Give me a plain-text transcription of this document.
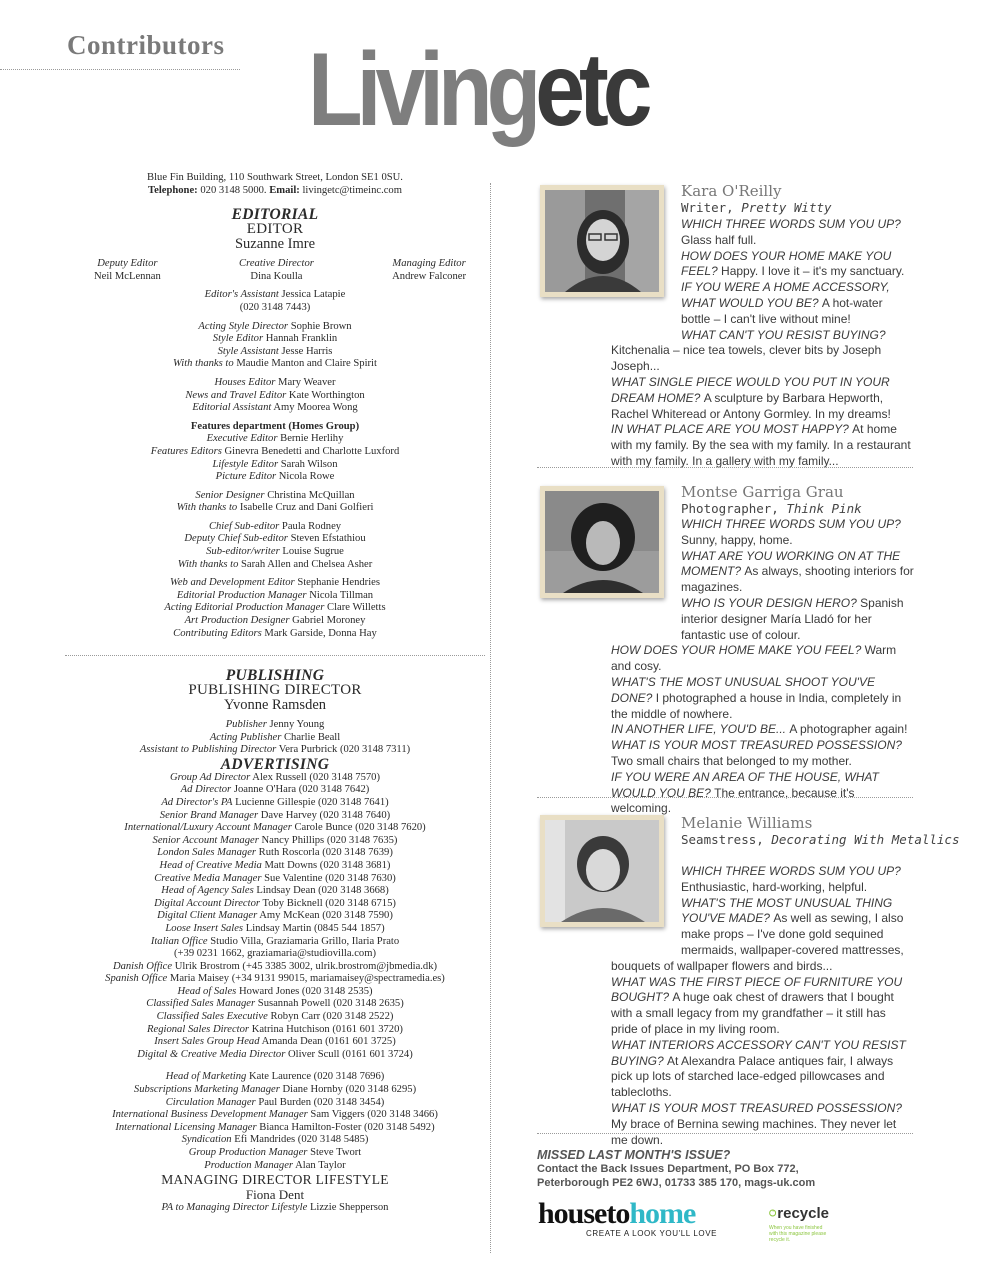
Contributors Livingetc
Blue Fin Building, 110 Southwark Street, London SE1 0SU.
Telephone: 020 3148 5000. Email: livingetc@timeinc.com
EDITORIAL
EDITOR
Suzanne Imre
Deputy Editor
Neil McLennan
Creative Director
Dina Koulla
Managing Editor
Andrew Falconer
Editor's Assistant Jessica Latapie
(020 3148 7443)
Acting Style Director Sophie Brown
Style Editor Hannah Franklin
Style Assistant Jesse Harris
With thanks to Maudie Manton and Claire Spirit
Houses Editor Mary Weaver
News and Travel Editor Kate Worthington
Editorial Assistant Amy Moorea Wong
Features department (Homes Group)
Executive Editor Bernie Herlihy
Features Editors Ginevra Benedetti and Charlotte Luxford
Lifestyle Editor Sarah Wilson
Picture Editor Nicola Rowe
Senior Designer Christina McQuillan
With thanks to Isabelle Cruz and Dani Golfieri
Chief Sub-editor Paula Rodney
Deputy Chief Sub-editor Steven Efstathiou
Sub-editor/writer Louise Sugrue
With thanks to Sarah Allen and Chelsea Asher
Web and Development Editor Stephanie Hendries
Editorial Production Manager Nicola Tillman
Acting Editorial Production Manager Clare Willetts
Art Production Designer Gabriel Moroney
Contributing Editors Mark Garside, Donna Hay
PUBLISHING
PUBLISHING DIRECTOR
Yvonne Ramsden
Publisher Jenny Young
Acting Publisher Charlie Beall
Assistant to Publishing Director Vera Purbrick (020 3148 7311)
ADVERTISING
Group Ad Director Alex Russell (020 3148 7570)
Ad Director Joanne O'Hara (020 3148 7642)
Ad Director's PA Lucienne Gillespie (020 3148 7641)
Senior Brand Manager Dave Harvey (020 3148 7640)
International/Luxury Account Manager Carole Bunce (020 3148 7620)
Senior Account Manager Nancy Phillips (020 3148 7635)
London Sales Manager Ruth Roscorla (020 3148 7639)
Head of Creative Media Matt Downs (020 3148 3681)
Creative Media Manager Sue Valentine (020 3148 7630)
Head of Agency Sales Lindsay Dean (020 3148 3668)
Digital Account Director Toby Bicknell (020 3148 6715)
Digital Client Manager Amy McKean (020 3148 7590)
Loose Insert Sales Lindsay Martin (0845 544 1857)
Italian Office Studio Villa, Graziamaria Grillo, Ilaria Prato
(+39 0231 1662, graziamaria@studiovilla.com)
Danish Office Ulrik Brostrom (+45 3385 3002, ulrik.brostrom@jbmedia.dk)
Spanish Office Maria Maisey (+34 9131 99015, mariamaisey@spectramedia.es)
Head of Sales Howard Jones (020 3148 2535)
Classified Sales Manager Susannah Powell (020 3148 2635)
Classified Sales Executive Robyn Carr (020 3148 2522)
Regional Sales Director Katrina Hutchison (0161 601 3720)
Insert Sales Group Head Amanda Dean (0161 601 3725)
Digital & Creative Media Director Oliver Scull (0161 601 3724)
Head of Marketing Kate Laurence (020 3148 7696)
Subscriptions Marketing Manager Diane Hornby (020 3148 6295)
Circulation Manager Paul Burden (020 3148 3454)
International Business Development Manager Sam Viggers (020 3148 3466)
International Licensing Manager Bianca Hamilton-Foster (020 3148 5492)
Syndication Efi Mandrides (020 3148 5485)
Group Production Manager Steve Twort
Production Manager Alan Taylor
MANAGING DIRECTOR LIFESTYLE
Fiona Dent
PA to Managing Director Lifestyle Lizzie Shepperson
Kara O'Reilly
Writer, Pretty Witty
WHICH THREE WORDS SUM YOU UP? Glass half full.
HOW DOES YOUR HOME MAKE YOU FEEL? Happy. I love it – it's my sanctuary.
IF YOU WERE A HOME ACCESSORY, WHAT WOULD YOU BE? A hot-water bottle – I can't live without mine!
WHAT CAN'T YOU RESIST BUYING? Kitchenalia – nice tea towels, clever bits by Joseph Joseph...
WHAT SINGLE PIECE WOULD YOU PUT IN YOUR DREAM HOME? A sculpture by Barbara Hepworth, Rachel Whiteread or Antony Gormley. In my dreams!
IN WHAT PLACE ARE YOU MOST HAPPY? At home with my family. By the sea with my family. In a restaurant with my family. In a gallery with my family...
Montse Garriga Grau
Photographer, Think Pink
WHICH THREE WORDS SUM YOU UP? Sunny, happy, home.
WHAT ARE YOU WORKING ON AT THE MOMENT? As always, shooting interiors for magazines.
WHO IS YOUR DESIGN HERO? Spanish interior designer María Lladó for her fantastic use of colour.
HOW DOES YOUR HOME MAKE YOU FEEL? Warm and cosy.
WHAT'S THE MOST UNUSUAL SHOOT YOU'VE DONE? I photographed a house in India, completely in the middle of nowhere.
IN ANOTHER LIFE, YOU'D BE... A photographer again!
WHAT IS YOUR MOST TREASURED POSSESSION? Two small chairs that belonged to my mother.
IF YOU WERE AN AREA OF THE HOUSE, WHAT WOULD YOU BE? The entrance, because it's welcoming.
Melanie Williams
Seamstress, Decorating With Metallics
WHICH THREE WORDS SUM YOU UP? Enthusiastic, hard-working, helpful.
WHAT'S THE MOST UNUSUAL THING YOU'VE MADE? As well as sewing, I also make props – I've done gold sequined mermaids, wallpaper-covered mattresses, bouquets of wallpaper flowers and birds...
WHAT WAS THE FIRST PIECE OF FURNITURE YOU BOUGHT? A huge oak chest of drawers that I bought with a small legacy from my grandfather – it still has pride of place in my living room.
WHAT INTERIORS ACCESSORY CAN'T YOU RESIST BUYING? At Alexandra Palace antiques fair, I always pick up lots of starched lace-edged pillowcases and tablecloths.
WHAT IS YOUR MOST TREASURED POSSESSION? My brace of Bernina sewing machines. They never let me down.
MISSED LAST MONTH'S ISSUE?
Contact the Back Issues Department, PO Box 772,
Peterborough PE2 6WJ, 01733 385 170, mags-uk.com
housetohome
CREATE A LOOK YOU'LL LOVE
recycle
When you have finished with this magazine please recycle it.
